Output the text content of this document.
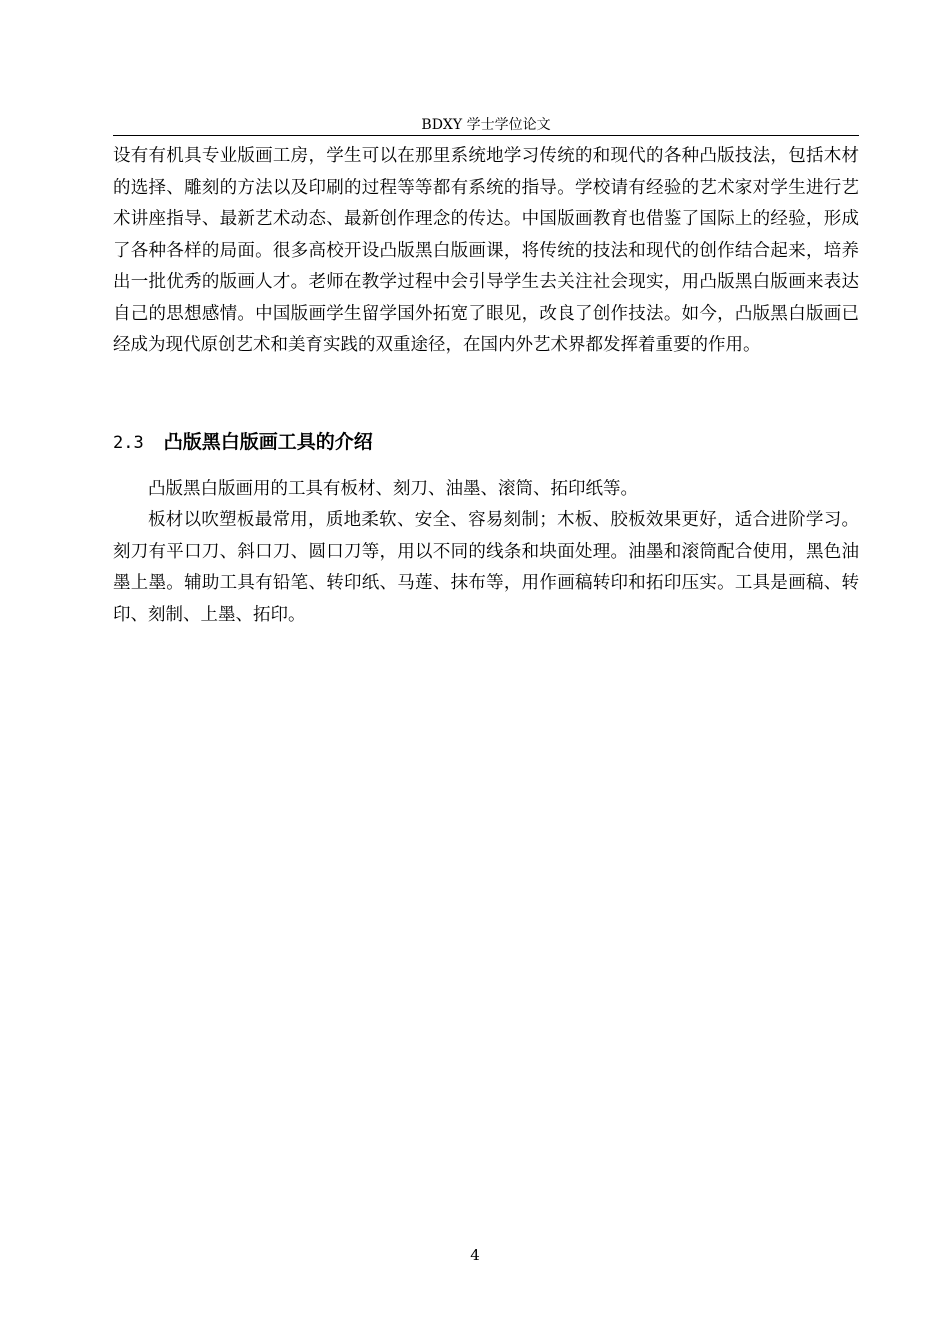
BDXY 学士学位论文

设有有机具专业版画工房，学生可以在那里系统地学习传统的和现代的各种凸版技法，包括木材的选择、雕刻的方法以及印刷的过程等等都有系统的指导。学校请有经验的艺术家对学生进行艺术讲座指导、最新艺术动态、最新创作理念的传达。中国版画教育也借鉴了国际上的经验，形成了各种各样的局面。很多高校开设凸版黑白版画课，将传统的技法和现代的创作结合起来，培养出一批优秀的版画人才。老师在教学过程中会引导学生去关注社会现实，用凸版黑白版画来表达自己的思想感情。中国版画学生留学国外拓宽了眼见，改良了创作技法。如今，凸版黑白版画已经成为现代原创艺术和美育实践的双重途径，在国内外艺术界都发挥着重要的作用。

2.3 凸版黑白版画工具的介绍

凸版黑白版画用的工具有板材、刻刀、油墨、滚筒、拓印纸等。

板材以吹塑板最常用，质地柔软、安全、容易刻制；木板、胶板效果更好，适合进阶学习。刻刀有平口刀、斜口刀、圆口刀等，用以不同的线条和块面处理。油墨和滚筒配合使用，黑色油墨上墨。辅助工具有铅笔、转印纸、马莲、抹布等，用作画稿转印和拓印压实。工具是画稿、转印、刻制、上墨、拓印。

4
